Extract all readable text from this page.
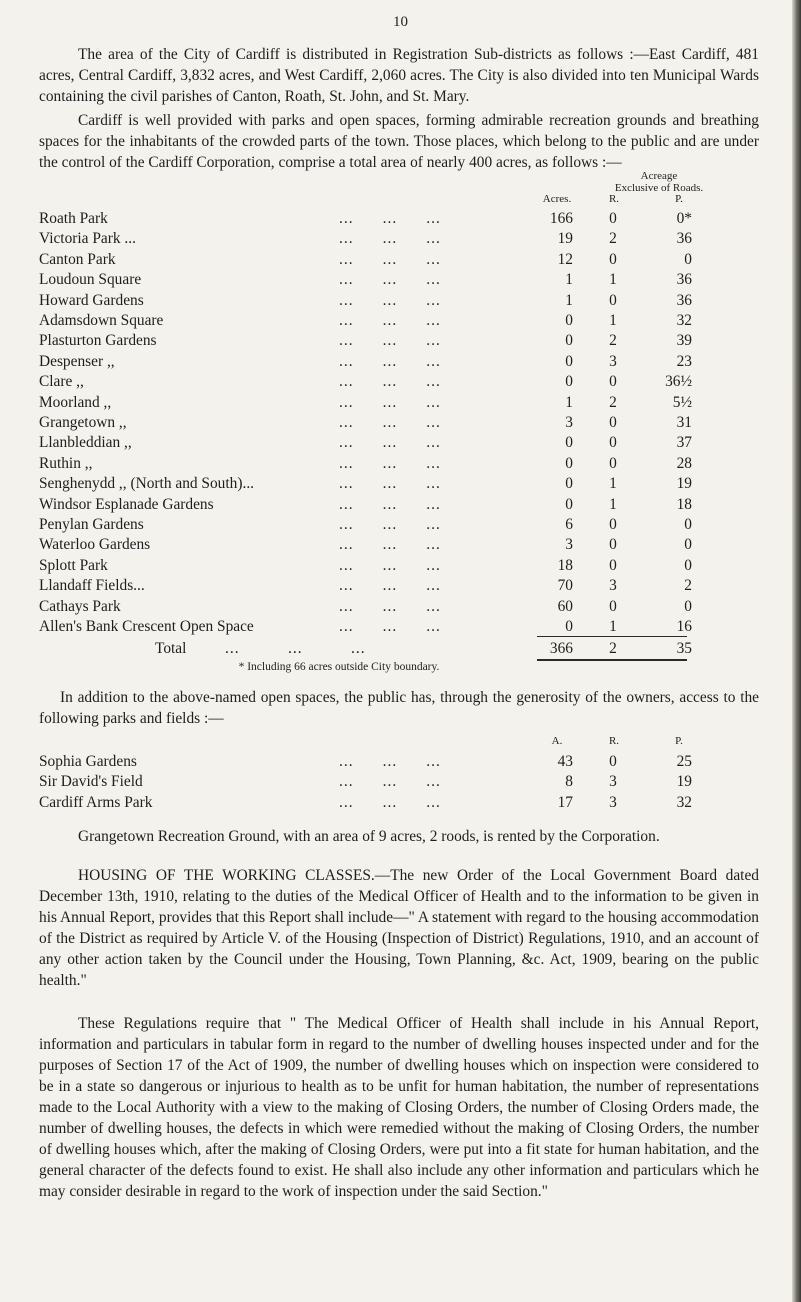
10

The area of the City of Cardiff is distributed in Registration Sub-districts as follows :—East Cardiff, 481 acres, Central Cardiff, 3,832 acres, and West Cardiff, 2,060 acres. The City is also divided into ten Municipal Wards containing the civil parishes of Canton, Roath, St. John, and St. Mary.

Cardiff is well provided with parks and open spaces, forming admirable recreation grounds and breathing spaces for the inhabitants of the crowded parts of the town. Those places, which belong to the public and are under the control of the Cardiff Corporation, comprise a total area of nearly 400 acres, as follows :—

Acreage
Exclusive of Roads.
Acres.	R.	P.
Roath Park	...      ...      ...	166	0	0*
Victoria Park ...	...      ...      ...	19	2	36
Canton Park	...      ...      ...	12	0	0
Loudoun Square	...      ...      ...	1	1	36
Howard Gardens	...      ...      ...	1	0	36
Adamsdown Square	...      ...      ...	0	1	32
Plasturton Gardens	...      ...      ...	0	2	39
Despenser ,,	...      ...      ...	0	3	23
Clare ,,	...      ...      ...	0	0	36½
Moorland ,,	...      ...      ...	1	2	5½
Grangetown ,,	...      ...      ...	3	0	31
Llanbleddian ,,	...      ...      ...	0	0	37
Ruthin ,,	...      ...      ...	0	0	28
Senghenydd ,, (North and South)...	...      ...      ...	0	1	19
Windsor Esplanade Gardens	...      ...      ...	0	1	18
Penylan Gardens	...      ...      ...	6	0	0
Waterloo Gardens	...      ...      ...	3	0	0
Splott Park	...      ...      ...	18	0	0
Llandaff Fields...	...      ...      ...	70	3	2
Cathays Park	...      ...      ...	60	0	0
Allen's Bank Crescent Open Space	...      ...      ...	0	1	16
Total	...          ...          ...	366	2	35
* Including 66 acres outside City boundary.

In addition to the above-named open spaces, the public has, through the generosity of the owners, access to the following parks and fields :—

A.	R.	P.
Sophia Gardens	...      ...      ...	43	0	25
Sir David's Field	...      ...      ...	8	3	19
Cardiff Arms Park	...      ...      ...	17	3	32

Grangetown Recreation Ground, with an area of 9 acres, 2 roods, is rented by the Corporation.

HOUSING OF THE WORKING CLASSES.—The new Order of the Local Government Board dated December 13th, 1910, relating to the duties of the Medical Officer of Health and to the information to be given in his Annual Report, provides that this Report shall include—" A statement with regard to the housing accommodation of the District as required by Article V. of the Housing (Inspection of District) Regulations, 1910, and an account of any other action taken by the Council under the Housing, Town Planning, &c. Act, 1909, bearing on the public health."

These Regulations require that " The Medical Officer of Health shall include in his Annual Report, information and particulars in tabular form in regard to the number of dwelling houses inspected under and for the purposes of Section 17 of the Act of 1909, the number of dwelling houses which on inspection were considered to be in a state so dangerous or injurious to health as to be unfit for human habitation, the number of representations made to the Local Authority with a view to the making of Closing Orders, the number of Closing Orders made, the number of dwelling houses, the defects in which were remedied without the making of Closing Orders, the number of dwelling houses which, after the making of Closing Orders, were put into a fit state for human habitation, and the general character of the defects found to exist. He shall also include any other information and particulars which he may consider desirable in regard to the work of inspection under the said Section."
